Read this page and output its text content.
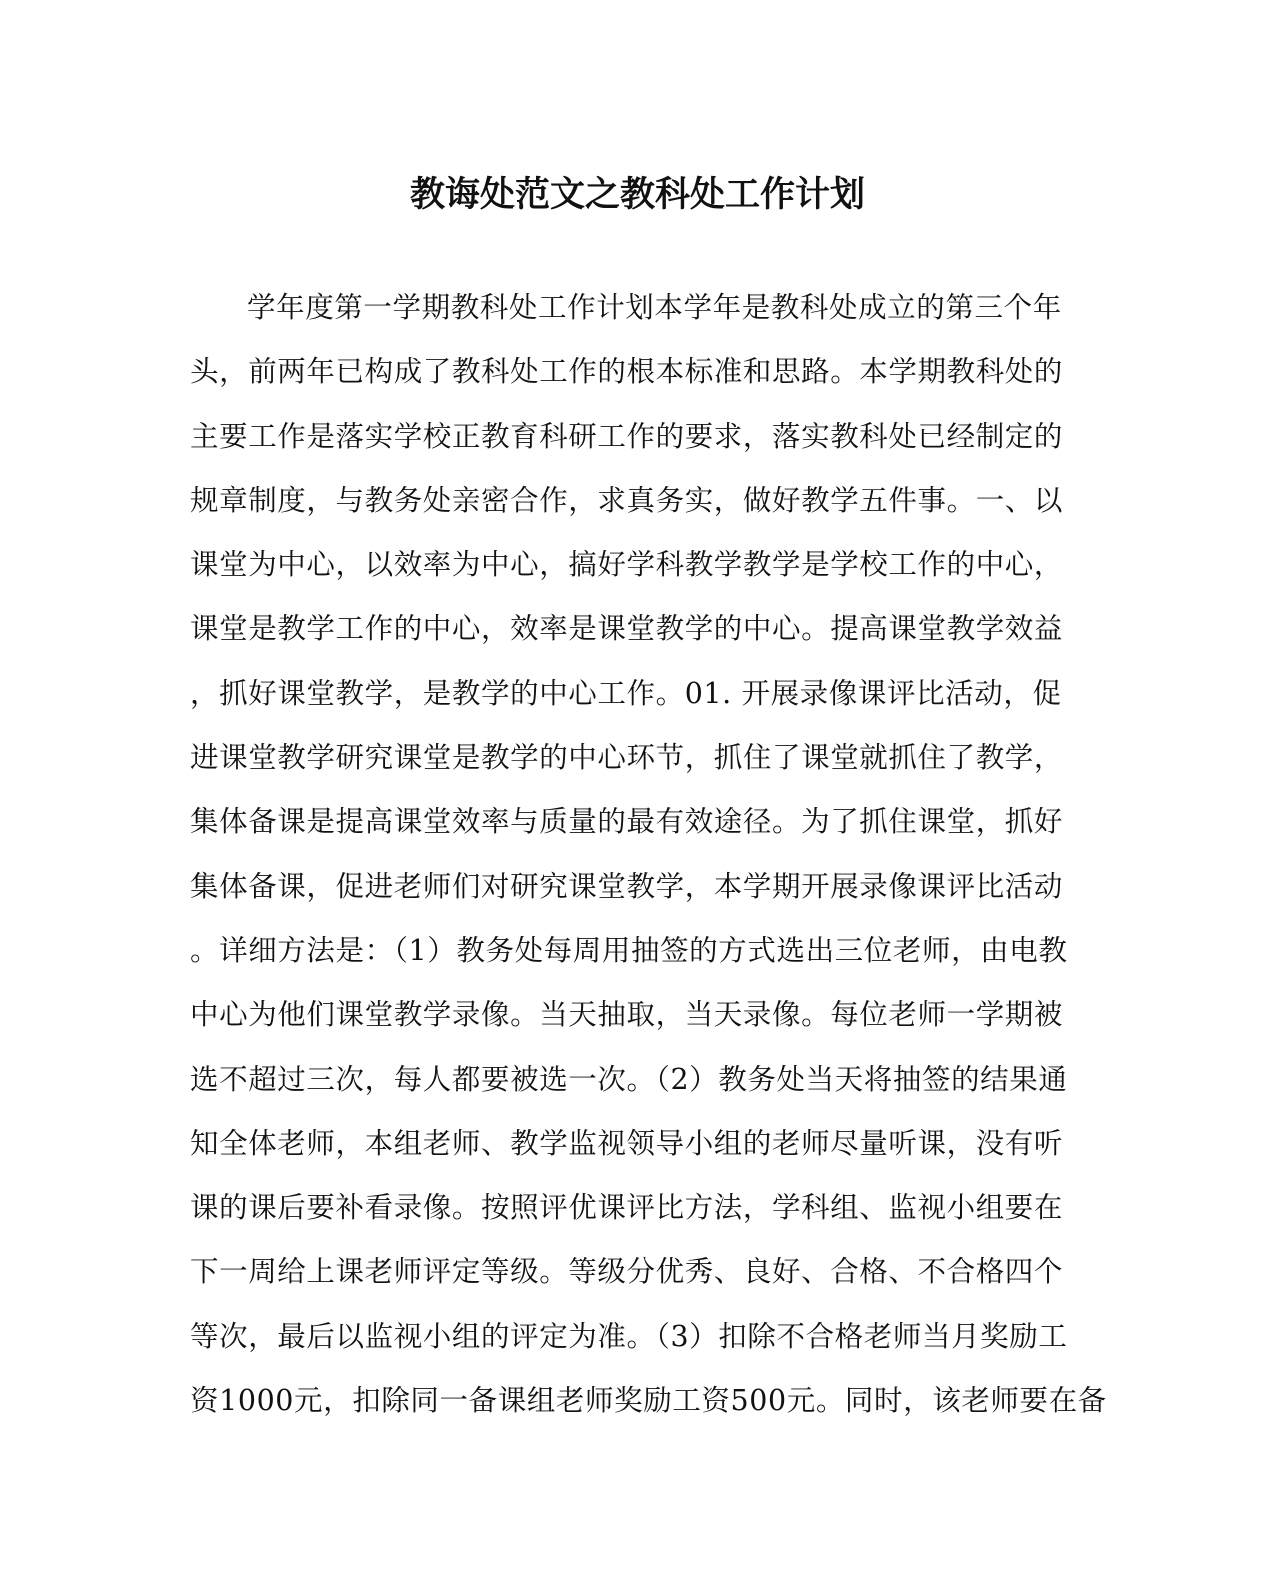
教诲处范文之教科处工作计划
学年度第一学期教科处工作计划本学年是教科处成立的第三个年
头，前两年已构成了教科处工作的根本标准和思路。本学期教科处的
主要工作是落实学校正教育科研工作的要求，落实教科处已经制定的
规章制度，与教务处亲密合作，求真务实，做好教学五件事。一、以
课堂为中心，以效率为中心，搞好学科教学教学是学校工作的中心，
课堂是教学工作的中心，效率是课堂教学的中心。提高课堂教学效益
，抓好课堂教学，是教学的中心工作。01. 开展录像课评比活动，促
进课堂教学研究课堂是教学的中心环节，抓住了课堂就抓住了教学，
集体备课是提高课堂效率与质量的最有效途径。为了抓住课堂，抓好
集体备课，促进老师们对研究课堂教学，本学期开展录像课评比活动
。详细方法是：（1）教务处每周用抽签的方式选出三位老师，由电教
中心为他们课堂教学录像。当天抽取，当天录像。每位老师一学期被
选不超过三次，每人都要被选一次。（2）教务处当天将抽签的结果通
知全体老师，本组老师、教学监视领导小组的老师尽量听课，没有听
课的课后要补看录像。按照评优课评比方法，学科组、监视小组要在
下一周给上课老师评定等级。等级分优秀、良好、合格、不合格四个
等次，最后以监视小组的评定为准。（3）扣除不合格老师当月奖励工
资1000元，扣除同一备课组老师奖励工资500元。同时，该老师要在备
